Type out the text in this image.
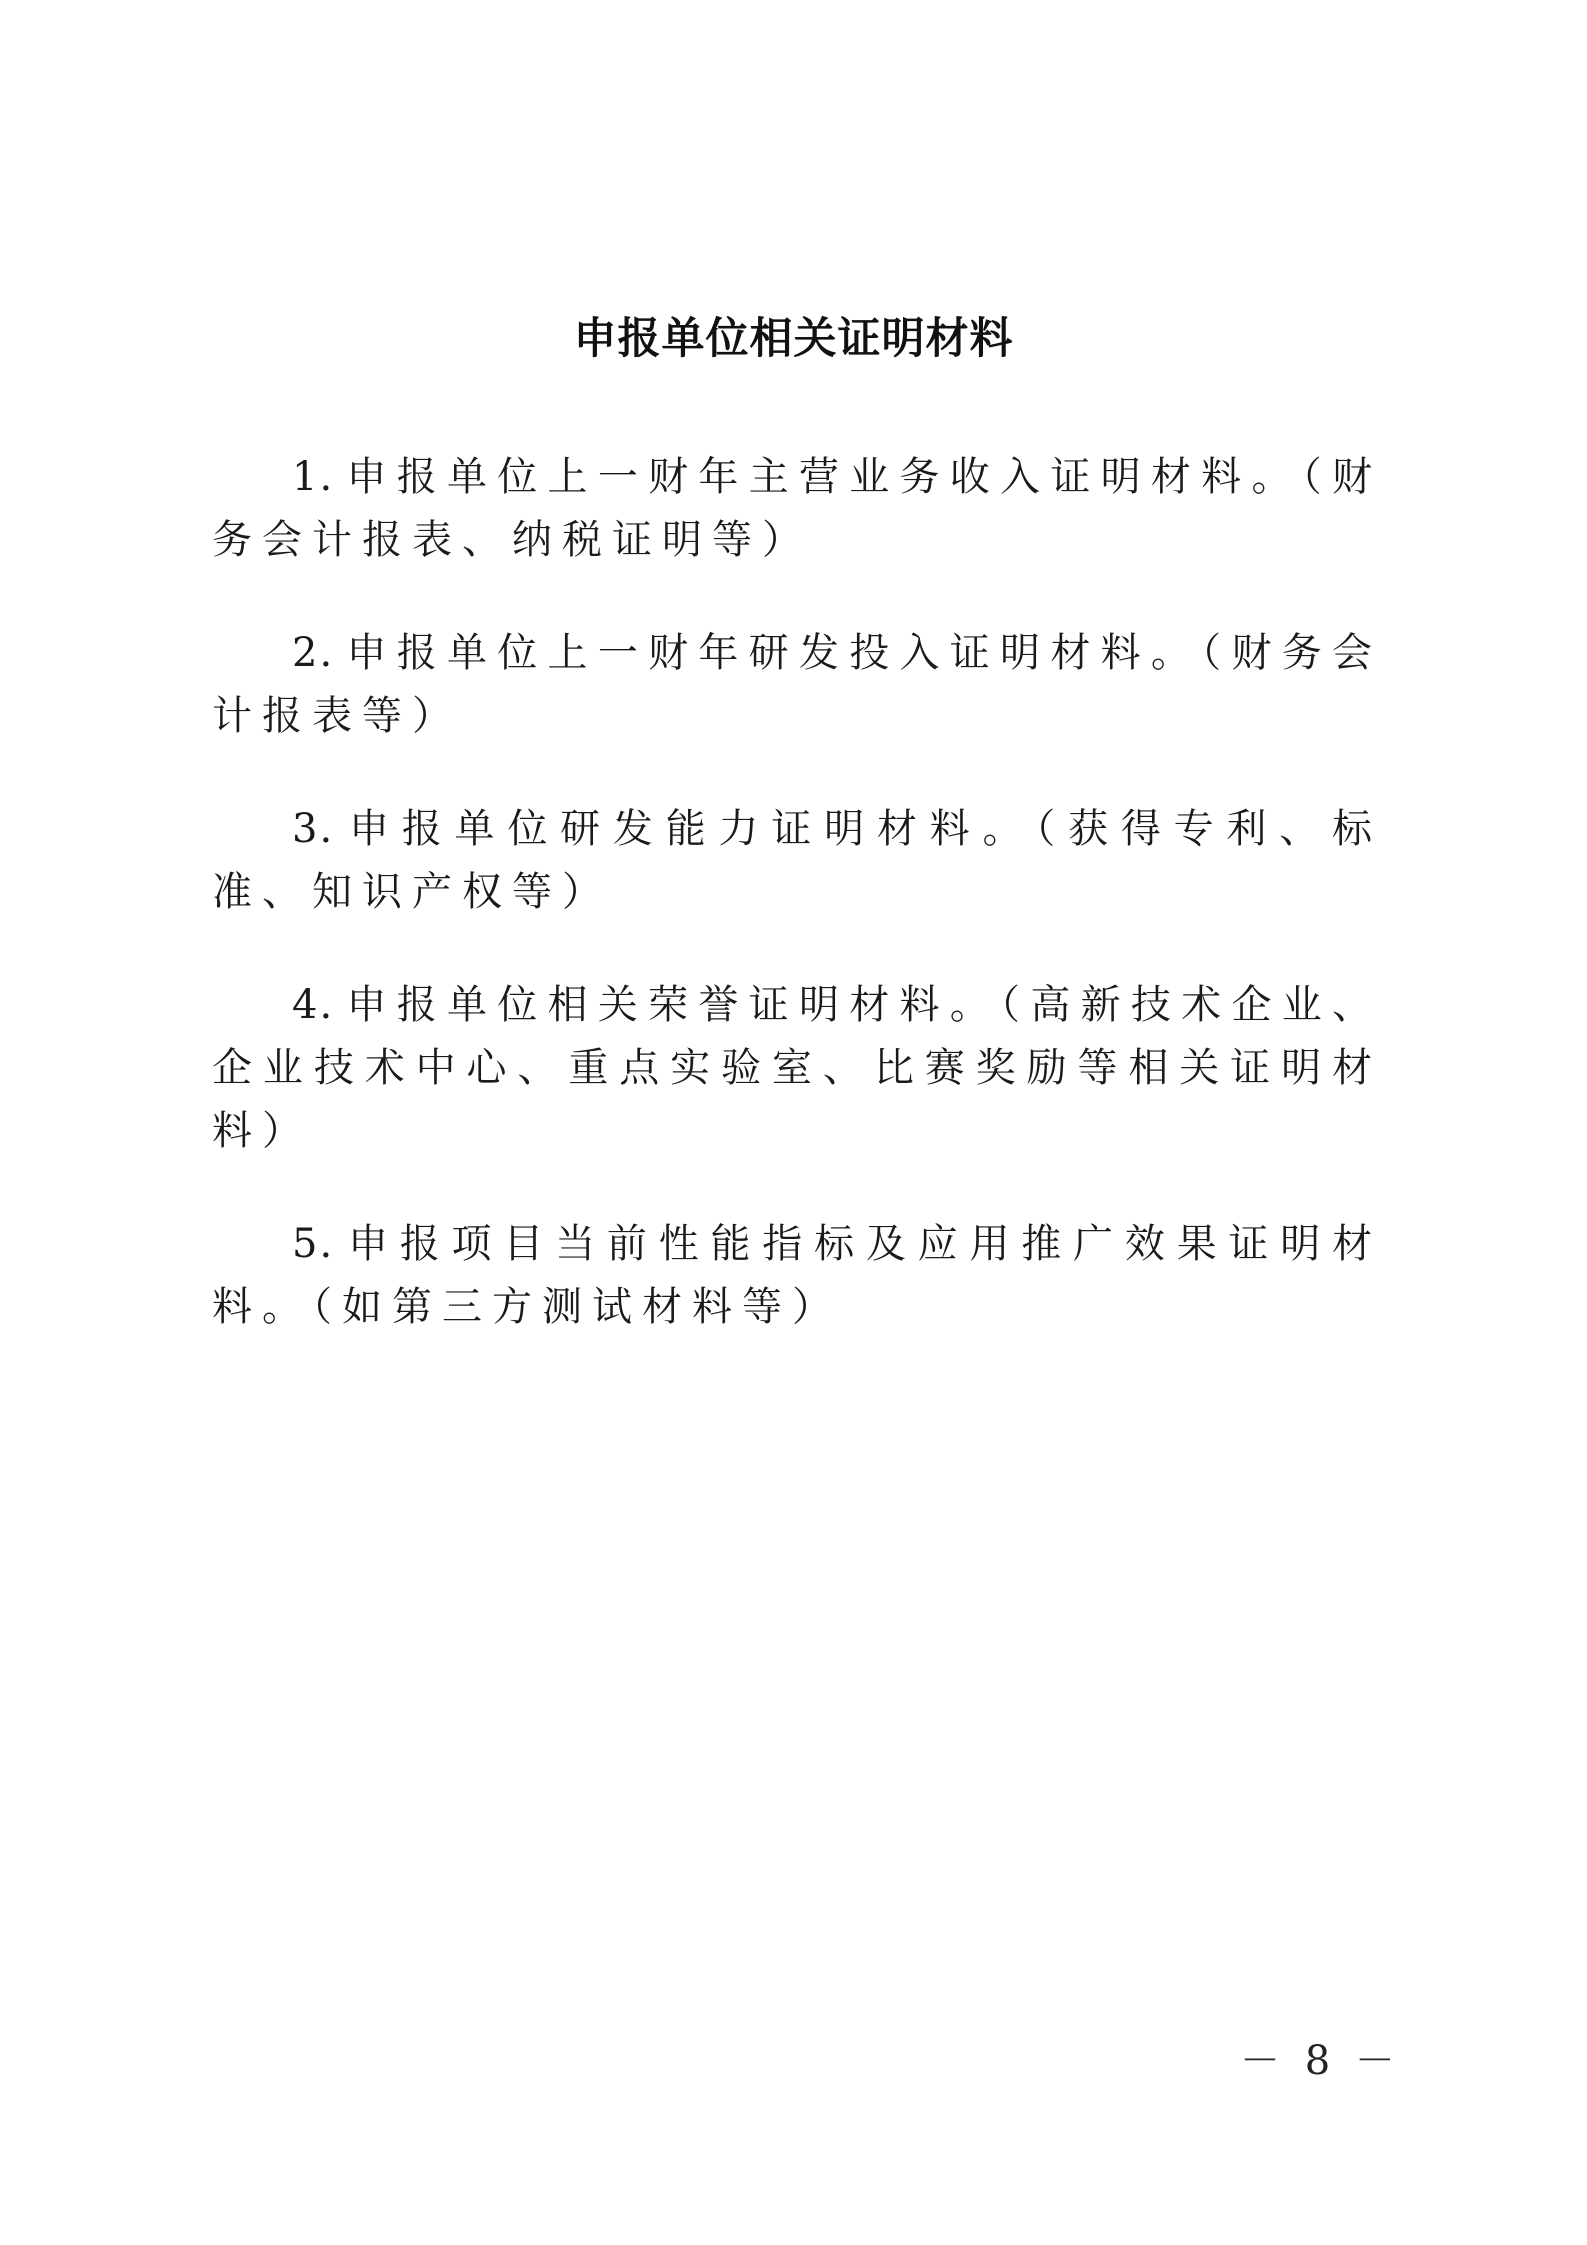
申报单位相关证明材料

1. 申报单位上一财年主营业务收入证明材料。（财务会计报表、纳税证明等）

2. 申报单位上一财年研发投入证明材料。（财务会计报表等）

3. 申报单位研发能力证明材料。（获得专利、标准、知识产权等）

4. 申报单位相关荣誉证明材料。（高新技术企业、企业技术中心、重点实验室、比赛奖励等相关证明材料）

5. 申报项目当前性能指标及应用推广效果证明材料。（如第三方测试材料等）

－ 8 －
